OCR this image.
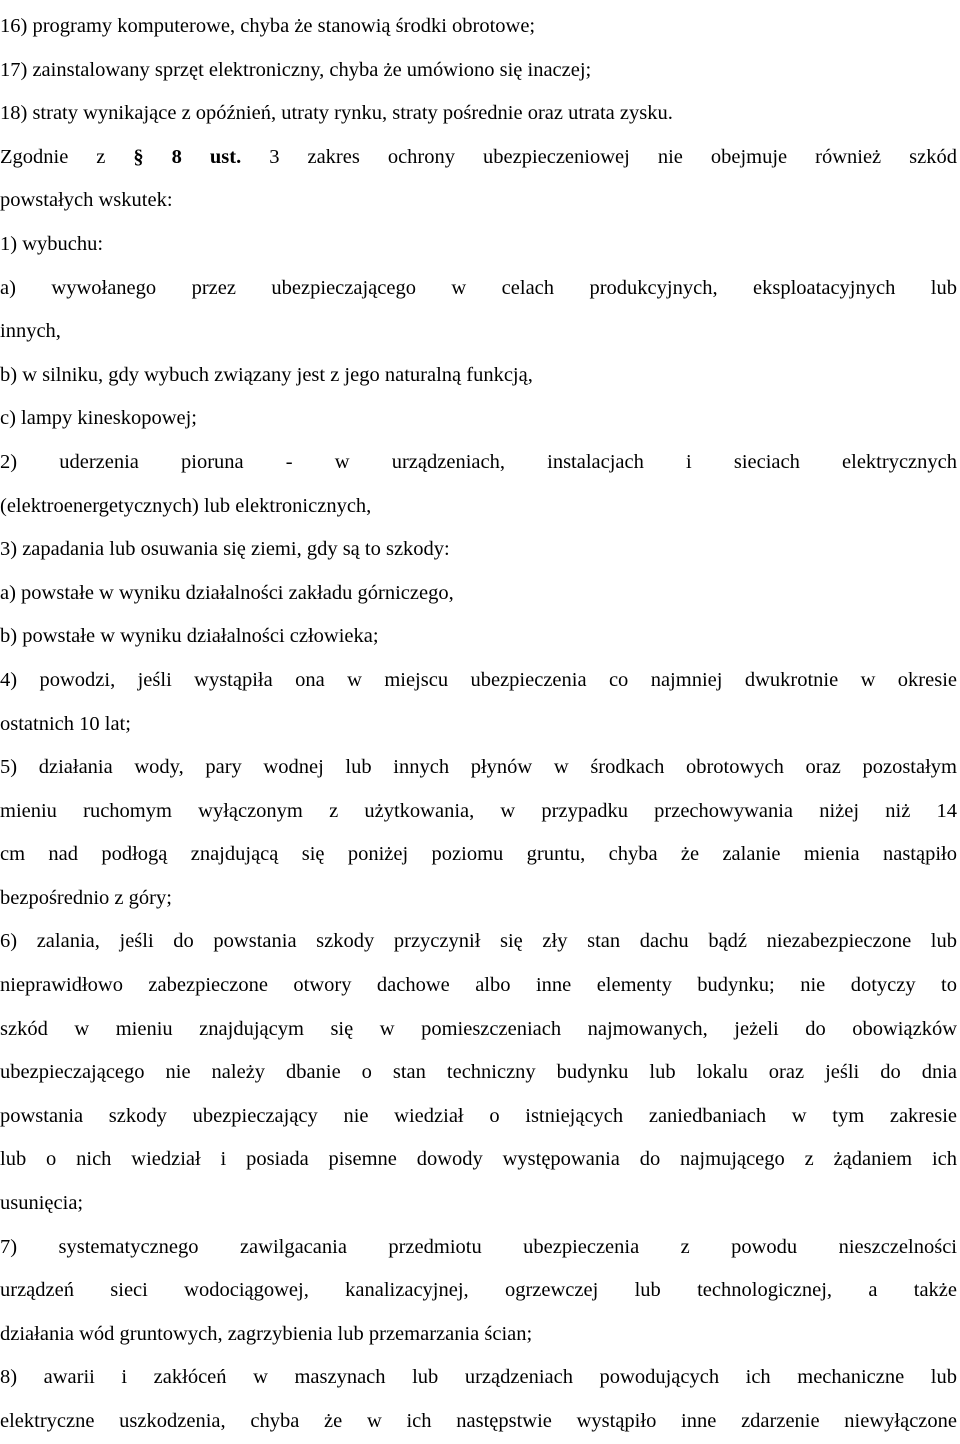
16) programy komputerowe, chyba że stanowią środki obrotowe;
17) zainstalowany sprzęt elektroniczny, chyba że umówiono się inaczej;
18) straty wynikające z opóźnień, utraty rynku, straty pośrednie oraz utrata zysku.
Zgodnie z § 8 ust. 3 zakres ochrony ubezpieczeniowej nie obejmuje również szkód
powstałych wskutek:
1) wybuchu:
a) wywołanego przez ubezpieczającego w celach produkcyjnych, eksploatacyjnych lub
innych,
b) w silniku, gdy wybuch związany jest z jego naturalną funkcją,
c) lampy kineskopowej;
2) uderzenia pioruna - w urządzeniach, instalacjach i sieciach elektrycznych
(elektroenergetycznych) lub elektronicznych,
3) zapadania lub osuwania się ziemi, gdy są to szkody:
a) powstałe w wyniku działalności zakładu górniczego,
b) powstałe w wyniku działalności człowieka;
4) powodzi, jeśli wystąpiła ona w miejscu ubezpieczenia co najmniej dwukrotnie w okresie
ostatnich 10 lat;
5) działania wody, pary wodnej lub innych płynów w środkach obrotowych oraz pozostałym
mieniu ruchomym wyłączonym z użytkowania, w przypadku przechowywania niżej niż 14
cm nad podłogą znajdującą się poniżej poziomu gruntu, chyba że zalanie mienia nastąpiło
bezpośrednio z góry;
6) zalania, jeśli do powstania szkody przyczynił się zły stan dachu bądź niezabezpieczone lub
nieprawidłowo zabezpieczone otwory dachowe albo inne elementy budynku; nie dotyczy to
szkód w mieniu znajdującym się w pomieszczeniach najmowanych, jeżeli do obowiązków
ubezpieczającego nie należy dbanie o stan techniczny budynku lub lokalu oraz jeśli do dnia
powstania szkody ubezpieczający nie wiedział o istniejących zaniedbaniach w tym zakresie
lub o nich wiedział i posiada pisemne dowody występowania do najmującego z żądaniem ich
usunięcia;
7) systematycznego zawilgacania przedmiotu ubezpieczenia z powodu nieszczelności
urządzeń sieci wodociągowej, kanalizacyjnej, ogrzewczej lub technologicznej, a także
działania wód gruntowych, zagrzybienia lub przemarzania ścian;
8) awarii i zakłóceń w maszynach lub urządzeniach powodujących ich mechaniczne lub
elektryczne uszkodzenia, chyba że w ich następstwie wystąpiło inne zdarzenie niewyłączone
